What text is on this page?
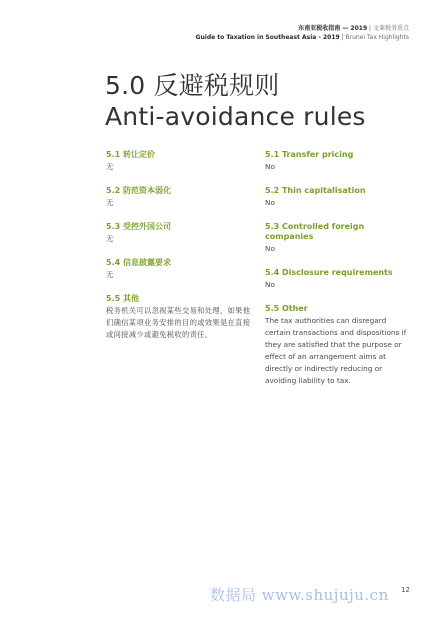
东南亚税收指南 — 2019 | 文莱税务重点
Guide to Taxation in Southeast Asia - 2019 | Brunei Tax Highlights
5.0 反避税规则
Anti-avoidance rules
5.1 转让定价
无
5.2 防范资本弱化
无
5.3 受控外国公司
无
5.4 信息披露要求
无
5.5 其他
税务机关可以忽视某些交易和处理，如果他们确信某项业务安排的目的或效果是在直接或间接减少或避免税收的责任。
5.1 Transfer pricing
No
5.2 Thin capitalisation
No
5.3 Controlled foreign companies
No
5.4 Disclosure requirements
No
5.5 Other
The tax authorities can disregard certain transactions and dispositions if they are satisfied that the purpose or effect of an arrangement aims at directly or indirectly reducing or avoiding liability to tax.
数据局 www.shujuju.cn 12
